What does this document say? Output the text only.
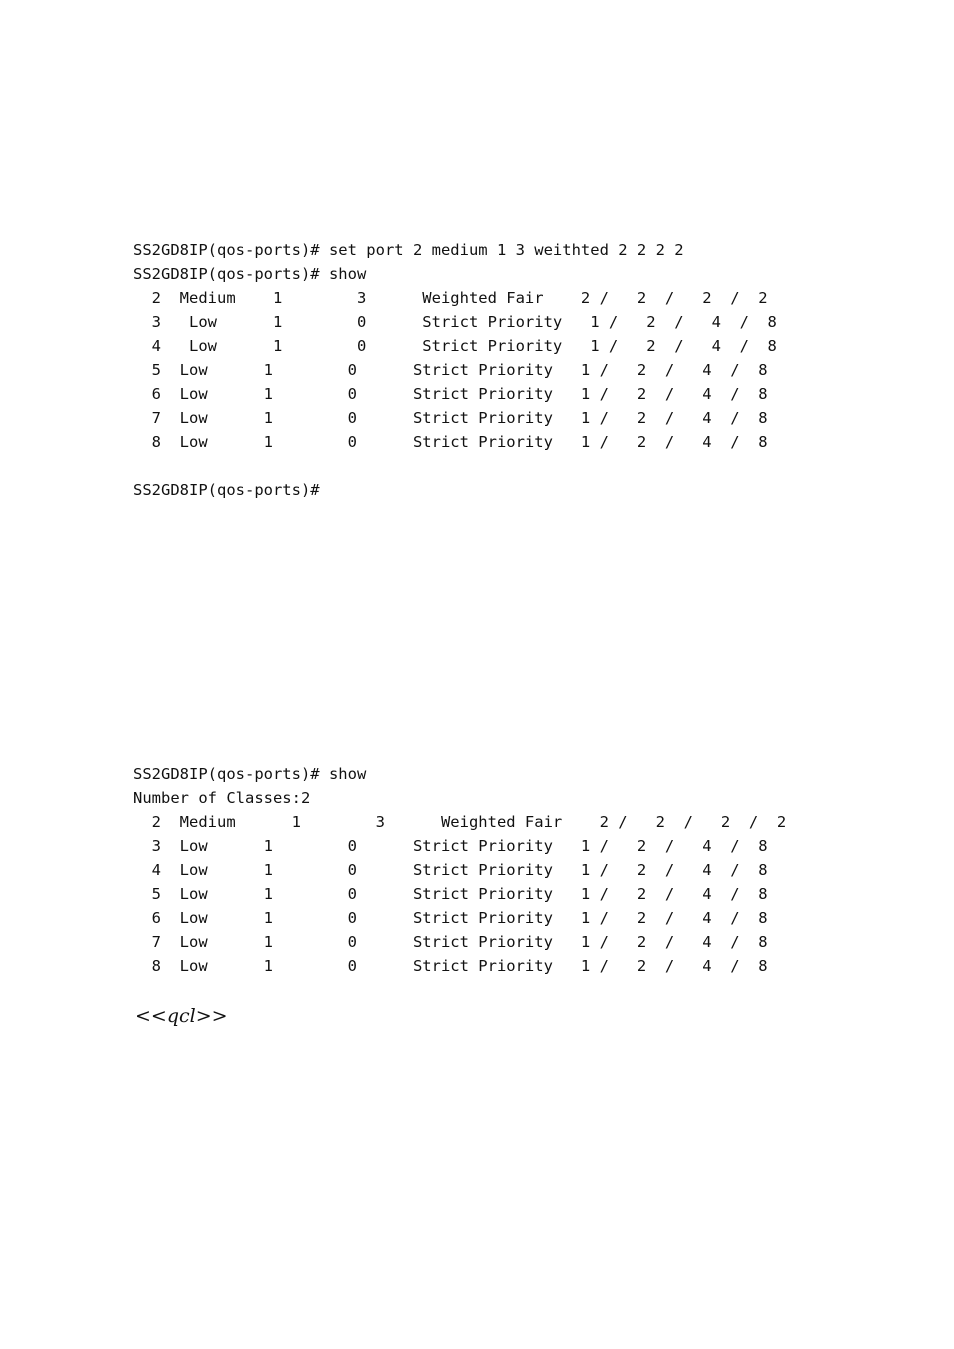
SS2GD8IP(qos-ports)# set port 2 medium 1 3 weithted 2 2 2 2
SS2GD8IP(qos-ports)# show
2  Medium    1        3      Weighted Fair    2 /   2  /   2  /  2
3   Low      1        0      Strict Priority   1 /   2  /   4  /  8
4   Low      1        0      Strict Priority   1 /   2  /   4  /  8
5  Low      1        0      Strict Priority   1 /   2  /   4  /  8
6  Low      1        0      Strict Priority   1 /   2  /   4  /  8
7  Low      1        0      Strict Priority   1 /   2  /   4  /  8
8  Low      1        0      Strict Priority   1 /   2  /   4  /  8
SS2GD8IP(qos-ports)#
SS2GD8IP(qos-ports)# show
Number of Classes:2
2  Medium      1        3      Weighted Fair    2 /   2  /   2  /  2
3  Low      1        0      Strict Priority   1 /   2  /   4  /  8
4  Low      1        0      Strict Priority   1 /   2  /   4  /  8
5  Low      1        0      Strict Priority   1 /   2  /   4  /  8
6  Low      1        0      Strict Priority   1 /   2  /   4  /  8
7  Low      1        0      Strict Priority   1 /   2  /   4  /  8
8  Low      1        0      Strict Priority   1 /   2  /   4  /  8
<<qcl>>
